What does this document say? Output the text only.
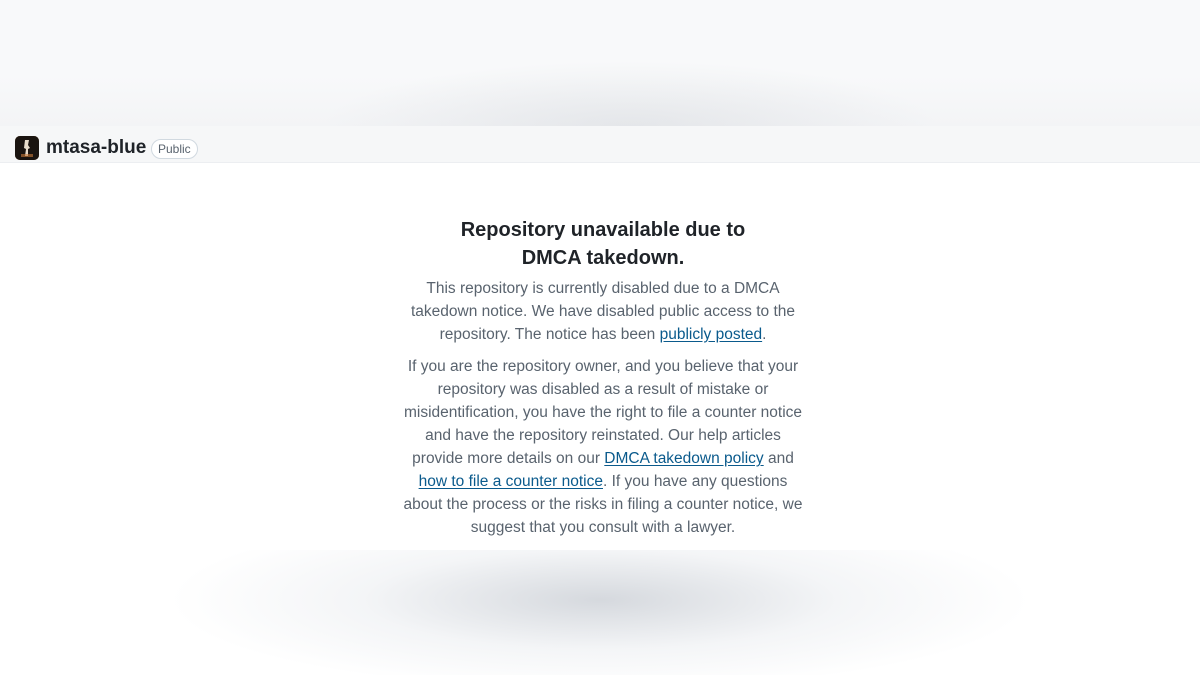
mtasa-blue Public
Repository unavailable due to DMCA takedown.

This repository is currently disabled due to a DMCA takedown notice. We have disabled public access to the repository. The notice has been publicly posted.

If you are the repository owner, and you believe that your repository was disabled as a result of mistake or misidentification, you have the right to file a counter notice and have the repository reinstated. Our help articles provide more details on our DMCA takedown policy and how to file a counter notice. If you have any questions about the process or the risks in filing a counter notice, we suggest that you consult with a lawyer.
